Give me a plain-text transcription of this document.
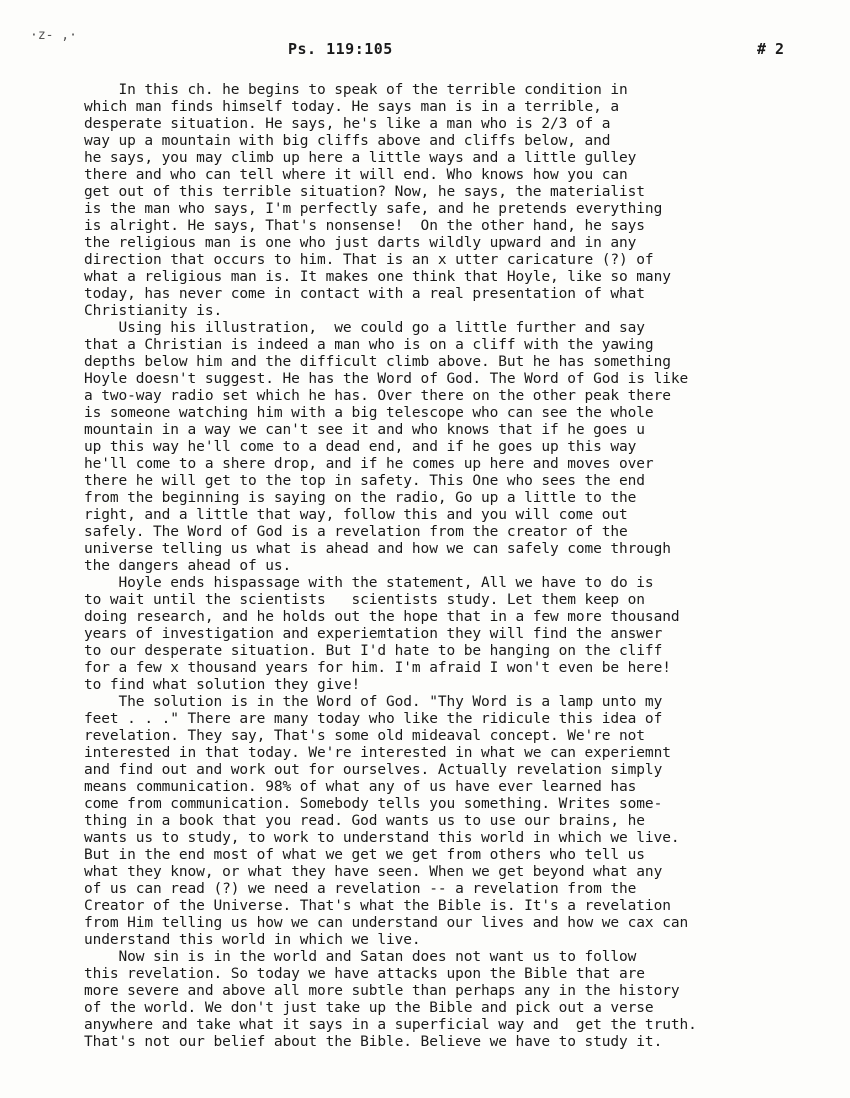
·z- ,·
Ps. 119:105	# 2
In this ch. he begins to speak of the terrible condition in
which man finds himself today. He says man is in a terrible, a
desperate situation. He says, he's like a man who is 2/3 of a
way up a mountain with big cliffs above and cliffs below, and
he says, you may climb up here a little ways and a little gulley
there and who can tell where it will end. Who knows how you can
get out of this terrible situation? Now, he says, the materialist
is the man who says, I'm perfectly safe, and he pretends everything
is alright. He says, That's nonsense!  On the other hand, he says
the religious man is one who just darts wildly upward and in any
direction that occurs to him. That is an x utter caricature (?) of
what a religious man is. It makes one think that Hoyle, like so many
today, has never come in contact with a real presentation of what
Christianity is.
Using his illustration,  we could go a little further and say
that a Christian is indeed a man who is on a cliff with the yawing
depths below him and the difficult climb above. But he has something
Hoyle doesn't suggest. He has the Word of God. The Word of God is like
a two-way radio set which he has. Over there on the other peak there
is someone watching him with a big telescope who can see the whole
mountain in a way we can't see it and who knows that if he goes u
up this way he'll come to a dead end, and if he goes up this way
he'll come to a shere drop, and if he comes up here and moves over
there he will get to the top in safety. This One who sees the end
from the beginning is saying on the radio, Go up a little to the
right, and a little that way, follow this and you will come out
safely. The Word of God is a revelation from the creator of the
universe telling us what is ahead and how we can safely come through
the dangers ahead of us.
Hoyle ends hispassage with the statement, All we have to do is
to wait until the scientists   scientists study. Let them keep on
doing research, and he holds out the hope that in a few more thousand
years of investigation and experiemtation they will find the answer
to our desperate situation. But I'd hate to be hanging on the cliff
for a few x thousand years for him. I'm afraid I won't even be here!
to find what solution they give!
The solution is in the Word of God. "Thy Word is a lamp unto my
feet . . ." There are many today who like the ridicule this idea of
revelation. They say, That's some old mideaval concept. We're not
interested in that today. We're interested in what we can experiemnt
and find out and work out for ourselves. Actually revelation simply
means communication. 98% of what any of us have ever learned has
come from communication. Somebody tells you something. Writes some-
thing in a book that you read. God wants us to use our brains, he
wants us to study, to work to understand this world in which we live.
But in the end most of what we get we get from others who tell us
what they know, or what they have seen. When we get beyond what any
of us can read (?) we need a revelation -- a revelation from the
Creator of the Universe. That's what the Bible is. It's a revelation
from Him telling us how we can understand our lives and how we cax can
understand this world in which we live.
Now sin is in the world and Satan does not want us to follow
this revelation. So today we have attacks upon the Bible that are
more severe and above all more subtle than perhaps any in the history
of the world. We don't just take up the Bible and pick out a verse
anywhere and take what it says in a superficial way and  get the truth.
That's not our belief about the Bible. Believe we have to study it.
